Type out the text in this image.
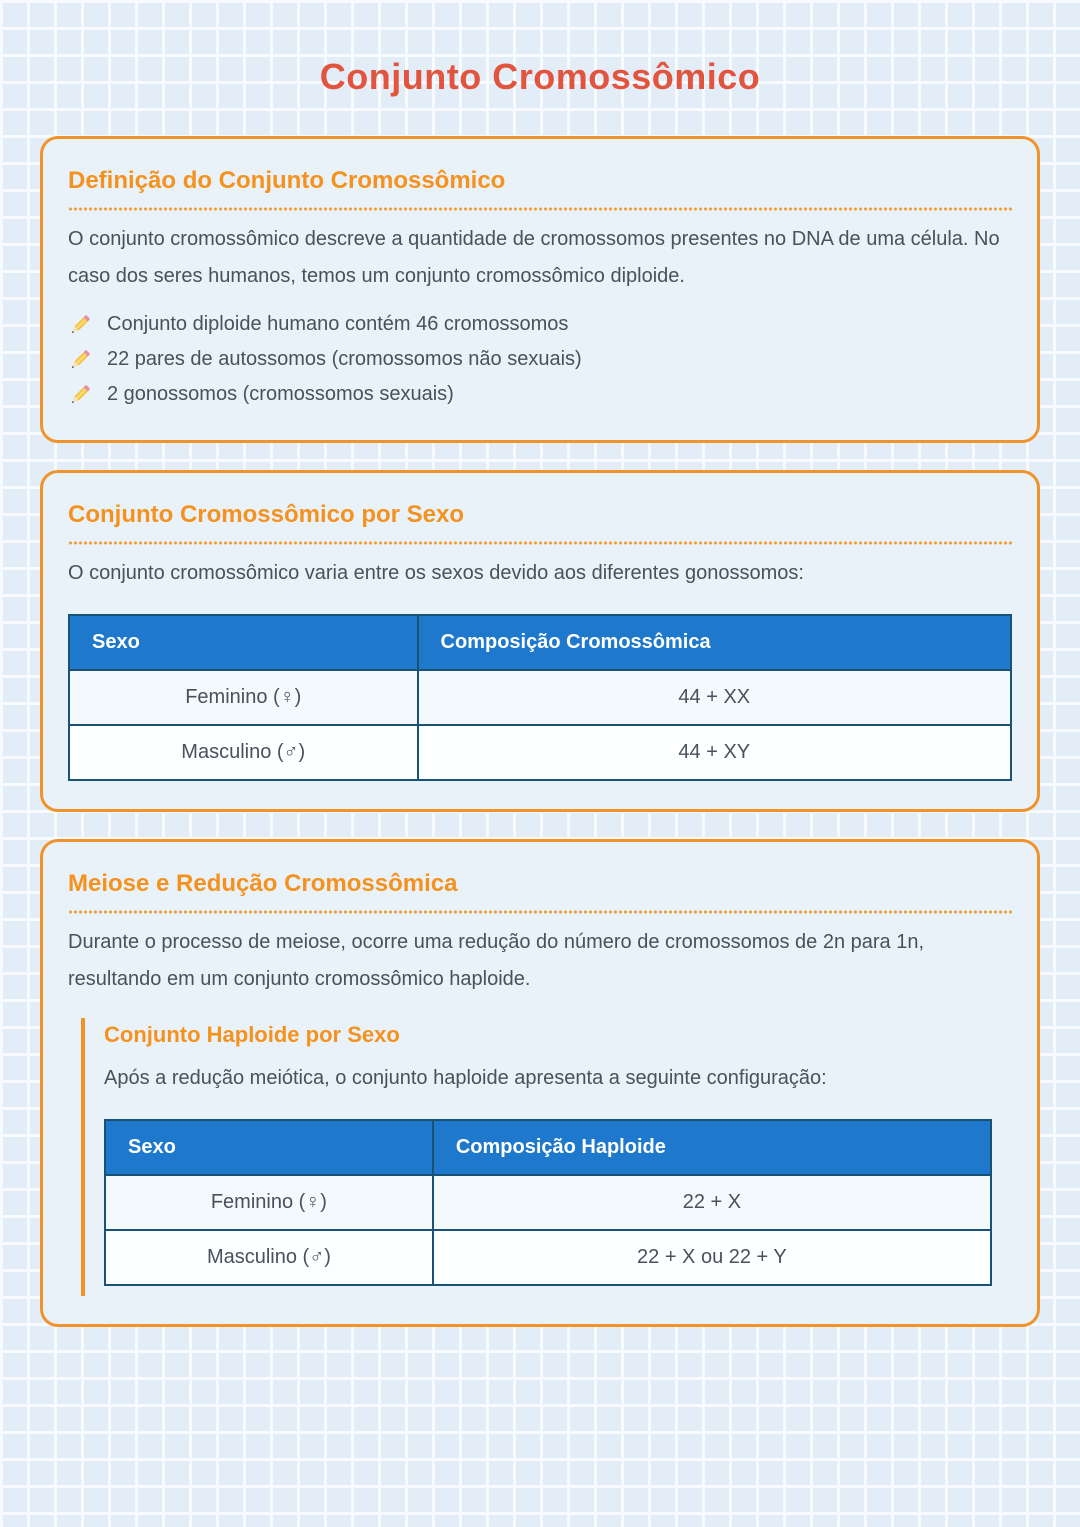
Conjunto Cromossômico
Definição do Conjunto Cromossômico

O conjunto cromossômico descreve a quantidade de cromossomos presentes no DNA de uma célula. No caso dos seres humanos, temos um conjunto cromossômico diploide.

Conjunto diploide humano contém 46 cromossomos
22 pares de autossomos (cromossomos não sexuais)
2 gonossomos (cromossomos sexuais)
Conjunto Cromossômico por Sexo

O conjunto cromossômico varia entre os sexos devido aos diferentes gonossomos:

Sexo	Composição Cromossômica
Feminino (♀)	44 + XX
Masculino (♂)	44 + XY
Meiose e Redução Cromossômica

Durante o processo de meiose, ocorre uma redução do número de cromossomos de 2n para 1n, resultando em um conjunto cromossômico haploide.

Conjunto Haploide por Sexo

Após a redução meiótica, o conjunto haploide apresenta a seguinte configuração:

Sexo	Composição Haploide
Feminino (♀)	22 + X
Masculino (♂)	22 + X ou 22 + Y
